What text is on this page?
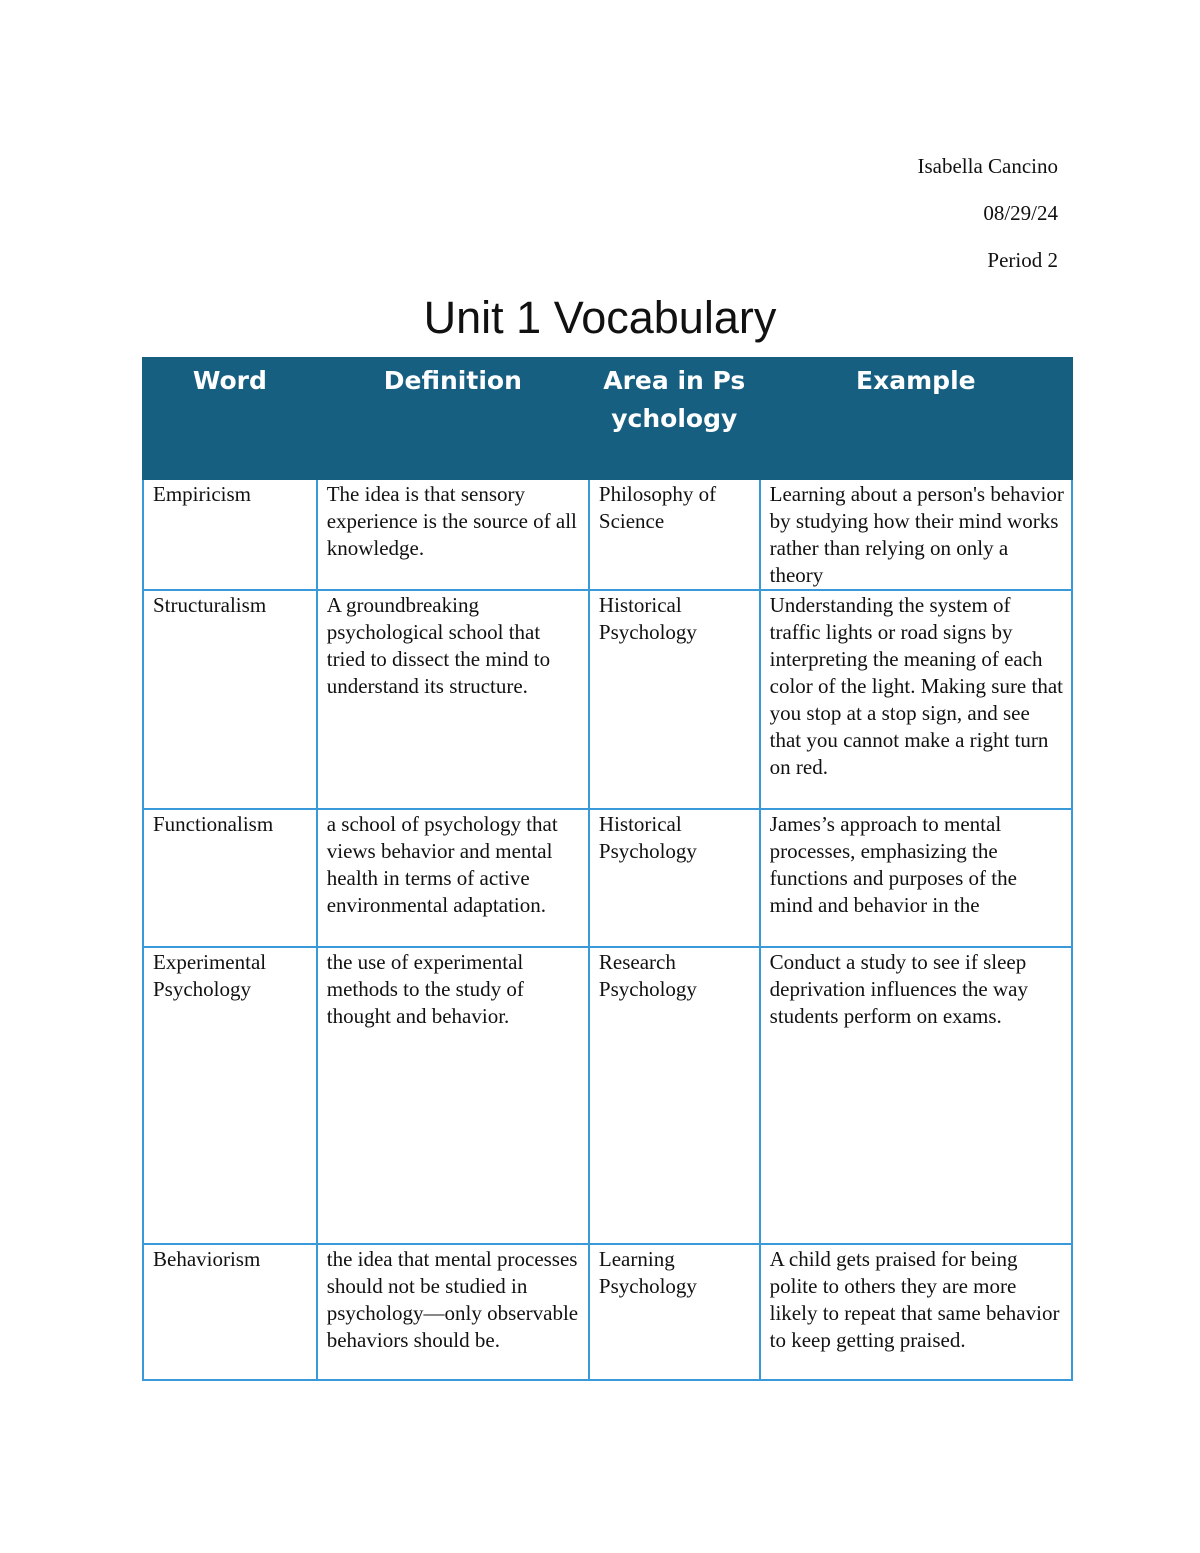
Isabella Cancino
08/29/24
Period 2
Unit 1 Vocabulary
Word	Definition	Area in Psychology	Example

Empiricism	The idea is that sensory experience is the source of all knowledge.	Philosophy of Science	Learning about a person's behavior by studying how their mind works rather than relying on only a theory
Structuralism	A groundbreaking psychological school that tried to dissect the mind to understand its structure.	Historical Psychology	Understanding the system of traffic lights or road signs by interpreting the meaning of each color of the light. Making sure that you stop at a stop sign, and see that you cannot make a right turn on red.
Functionalism	a school of psychology that views behavior and mental health in terms of active environmental adaptation.	Historical Psychology	James’s approach to mental processes, emphasizing the functions and purposes of the mind and behavior in the
Experimental Psychology	the use of experimental methods to the study of thought and behavior.	Research Psychology	Conduct a study to see if sleep deprivation influences the way students perform on exams.
Behaviorism	the idea that mental processes should not be studied in psychology—only observable behaviors should be.	Learning Psychology	A child gets praised for being polite to others they are more likely to repeat that same behavior to keep getting praised.
